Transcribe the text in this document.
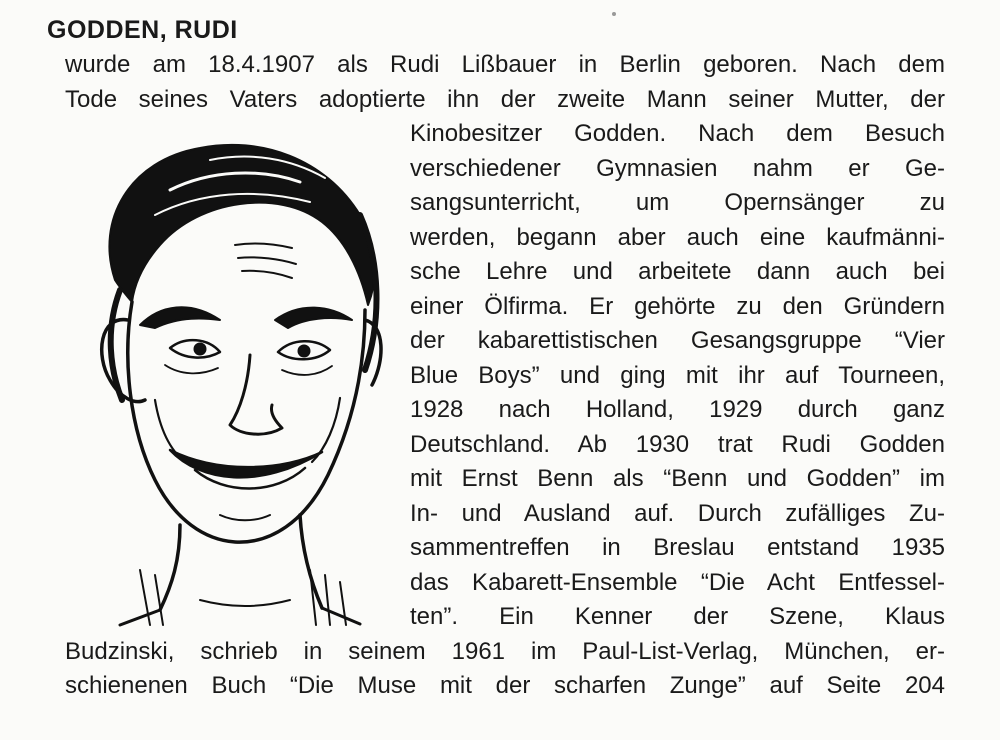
GODDEN, RUDI

wurde am 18.4.1907 als Rudi Lißbauer in Berlin geboren. Nach dem

Tode seines Vaters adoptierte ihn der zweite Mann seiner Mutter, der

Kinobesitzer Godden. Nach dem Besuch

verschiedener Gymnasien nahm er Ge-

sangsunterricht, um Opernsänger zu

werden, begann aber auch eine kaufmänni-

sche Lehre und arbeitete dann auch bei

einer Ölfirma. Er gehörte zu den Gründern

der kabarettistischen Gesangsgruppe “Vier

Blue Boys” und ging mit ihr auf Tourneen,

1928 nach Holland, 1929 durch ganz

Deutschland. Ab 1930 trat Rudi Godden

mit Ernst Benn als “Benn und Godden” im

In- und Ausland auf. Durch zufälliges Zu-

sammentreffen in Breslau entstand 1935

das Kabarett-Ensemble “Die Acht Entfessel-

ten”. Ein Kenner der Szene, Klaus

Budzinski, schrieb in seinem 1961 im Paul-List-Verlag, München, er-

schienenen Buch “Die Muse mit der scharfen Zunge” auf Seite 204
